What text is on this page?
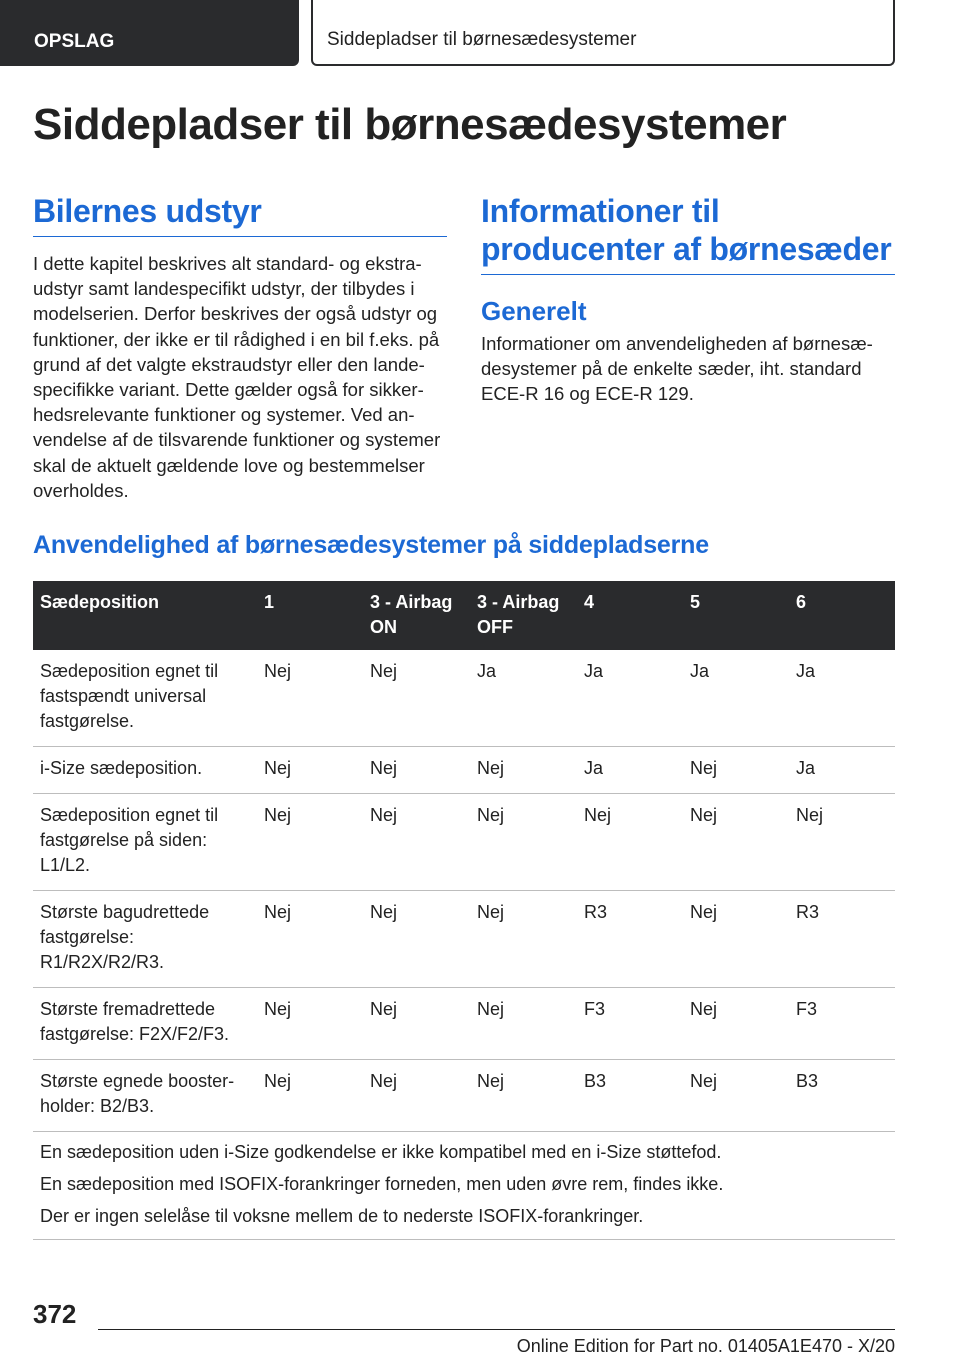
OPSLAG	Siddepladser til børnesædesystemer
Siddepladser til børnesædesystemer
Bilernes udstyr

I dette kapitel beskrives alt standard- og ekstraudstyr samt landespecifikt udstyr, der tilbydes i modelserien. Derfor beskrives der også udstyr og funktioner, der ikke er til rådighed i en bil f.eks. på grund af det valgte ekstraudstyr eller den landespecifikke variant. Dette gælder også for sikkerhedsrelevante funktioner og systemer. Ved anvendelse af de tilsvarende funktioner og systemer skal de aktuelt gældende love og bestemmelser overholdes.

Informationer til producenter af børnesæder
Generelt

Informationer om anvendeligheden af børnesædesystemer på de enkelte sæder, iht. standard ECE-R 16 og ECE-R 129.

Anvendelighed af børnesædesystemer på siddepladserne
Sædeposition	1	3 - Airbag ON	3 - Airbag OFF	4	5	6
Sædeposition egnet til fastspændt universal fastgørelse.	Nej	Nej	Ja	Ja	Ja	Ja
i-Size sædeposition.	Nej	Nej	Nej	Ja	Nej	Ja
Sædeposition egnet til fastgørelse på siden: L1/L2.	Nej	Nej	Nej	Nej	Nej	Nej
Største bagudrettede fastgørelse: R1/R2X/R2/R3.	Nej	Nej	Nej	R3	Nej	R3
Største fremadrettede fastgørelse: F2X/F2/F3.	Nej	Nej	Nej	F3	Nej	F3
Største egnede boosterholder: B2/B3.	Nej	Nej	Nej	B3	Nej	B3

En sædeposition uden i-Size godkendelse er ikke kompatibel med en i-Size støttefod.
En sædeposition med ISOFIX-forankringer forneden, men uden øvre rem, findes ikke.
Der er ingen selelåse til voksne mellem de to nederste ISOFIX-forankringer.						
372
Online Edition for Part no. 01405A1E470 - X/20
